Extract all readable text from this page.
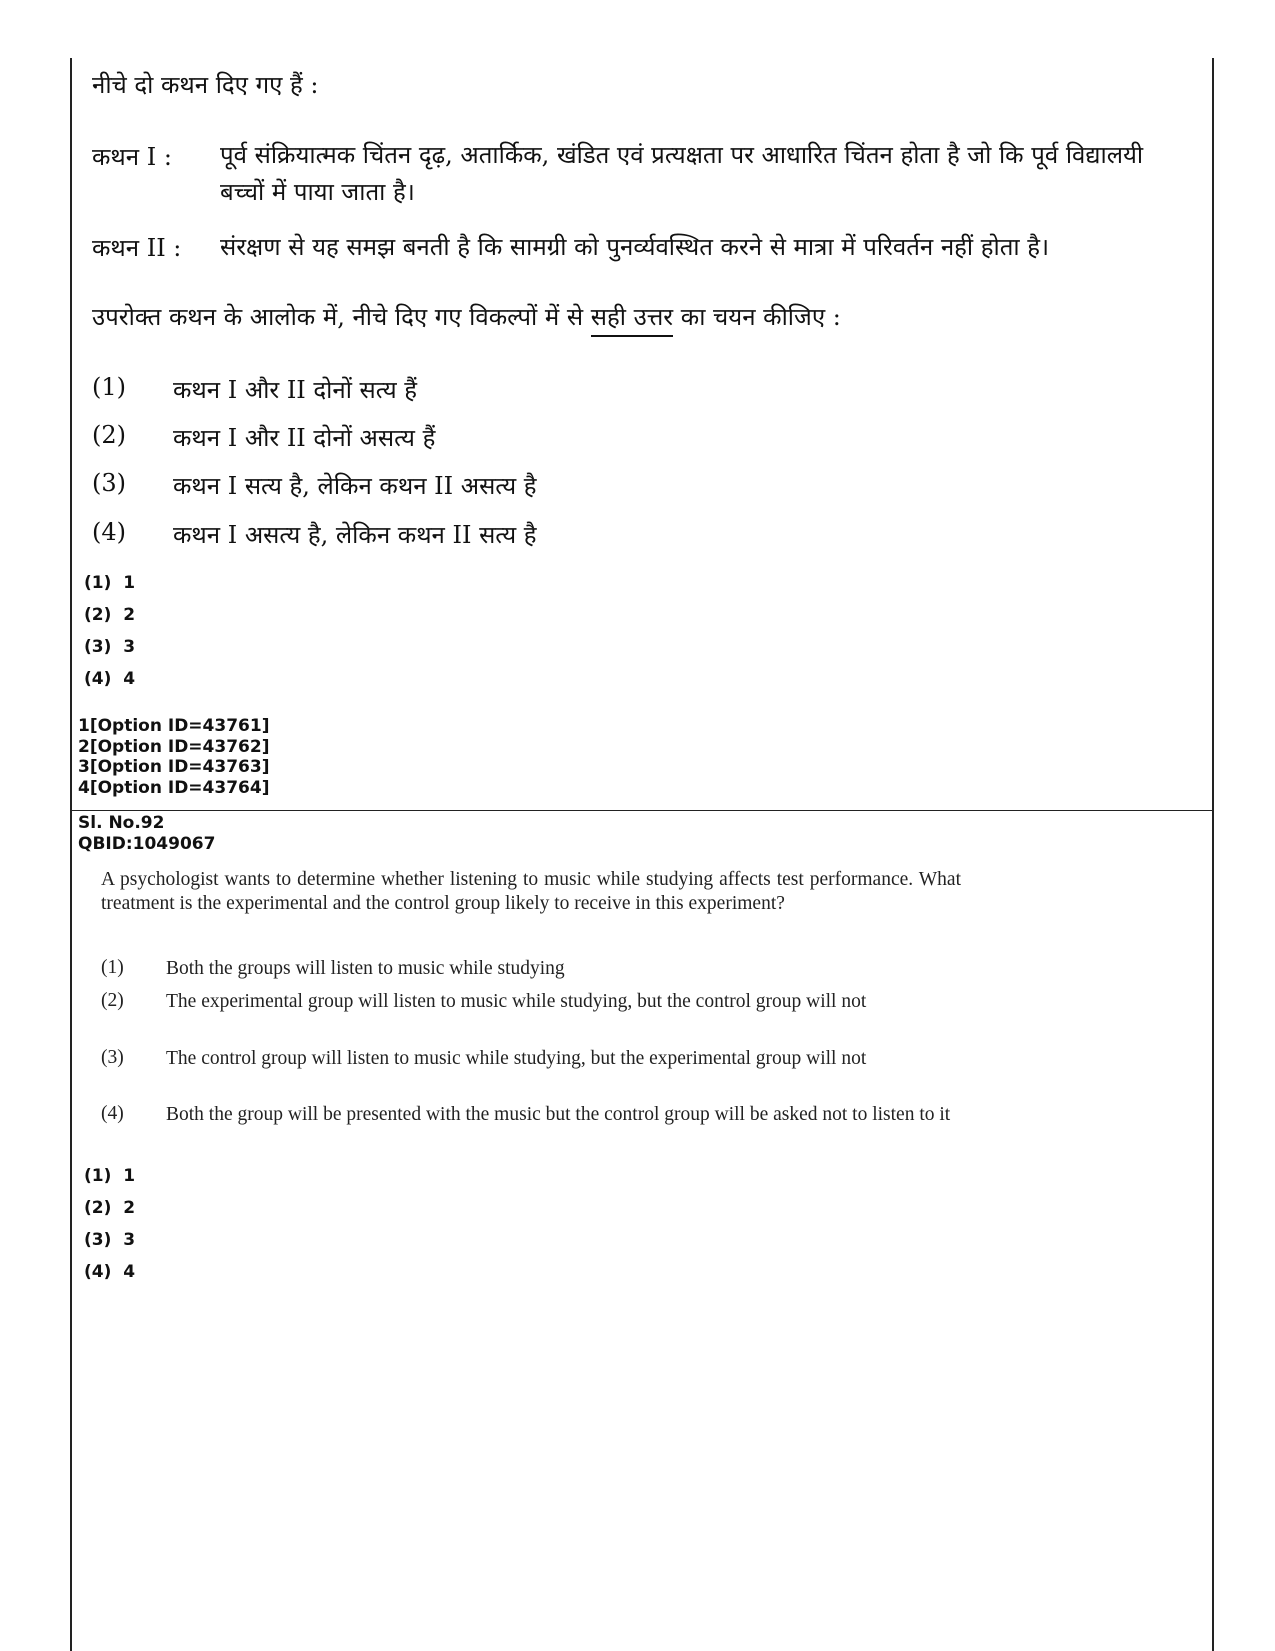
नीचे दो कथन दिए गए हैं :
कथन I : पूर्व संक्रियात्मक चिंतन दृढ़, अतार्किक, खंडित एवं प्रत्यक्षता पर आधारित चिंतन होता है जो कि पूर्व विद्यालयी बच्चों में पाया जाता है।
कथन II : संरक्षण से यह समझ बनती है कि सामग्री को पुनर्व्यवस्थित करने से मात्रा में परिवर्तन नहीं होता है।
उपरोक्त कथन के आलोक में, नीचे दिए गए विकल्पों में से सही उत्तर का चयन कीजिए :
(1) कथन I और II दोनों सत्य हैं
(2) कथन I और II दोनों असत्य हैं
(3) कथन I सत्य है, लेकिन कथन II असत्य है
(4) कथन I असत्य है, लेकिन कथन II सत्य है
(1)  1
(2)  2
(3)  3
(4)  4
1[Option ID=43761]
2[Option ID=43762]
3[Option ID=43763]
4[Option ID=43764]
Sl. No.92
QBID:1049067
A psychologist wants to determine whether listening to music while studying affects test performance. What treatment is the experimental and the control group likely to receive in this experiment?
(1) Both the groups will listen to music while studying
(2) The experimental group will listen to music while studying, but the control group will not
(3) The control group will listen to music while studying, but the experimental group will not
(4) Both the group will be presented with the music but the control group will be asked not to listen to it
(1)  1
(2)  2
(3)  3
(4)  4
